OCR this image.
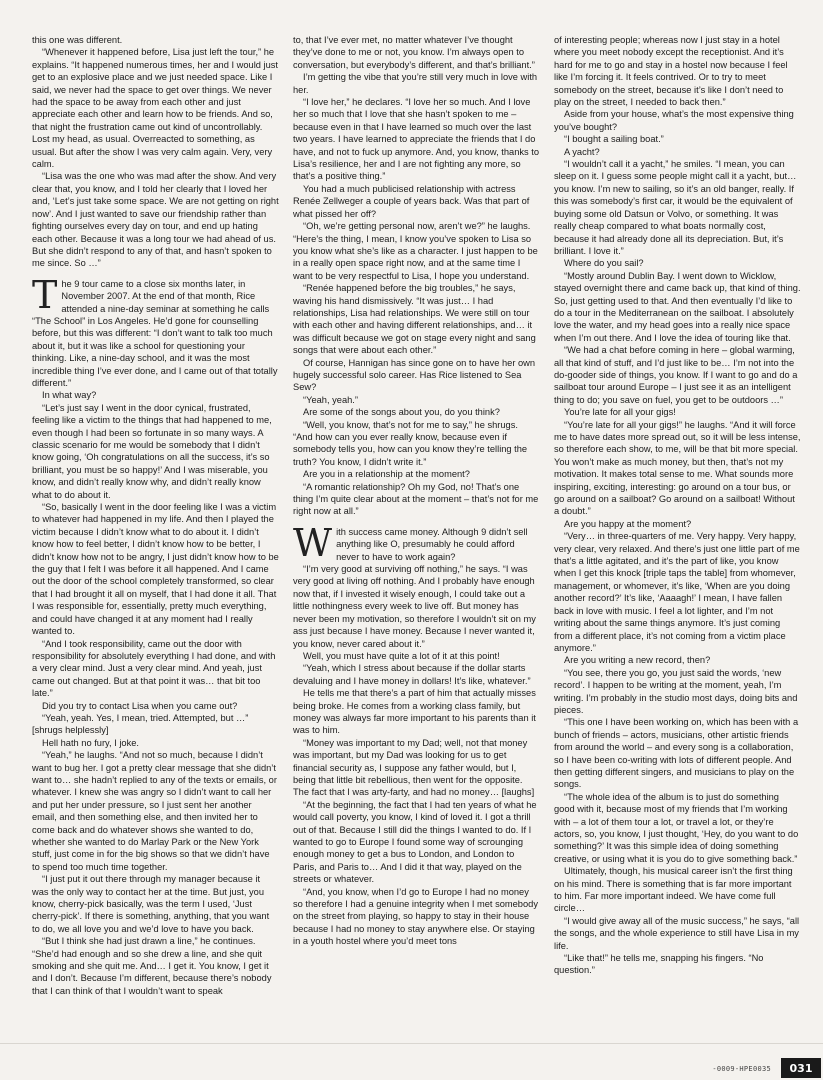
this one was different.

“Whenever it happened before, Lisa just left the tour,” he explains. “It happened numerous times, her and I would just get to an explosive place and we just needed space. Like I said, we never had the space to get over things. We never had the space to be away from each other and just appreciate each other and learn how to be friends. And so, that night the frustration came out kind of uncontrollably. Lost my head, as usual. Overreacted to something, as usual. But after the show I was very calm again. Very, very calm.

“Lisa was the one who was mad after the show. And very clear that, you know, and I told her clearly that I loved her and, ‘Let’s just take some space. We are not getting on right now’. And I just wanted to save our friendship rather than fighting ourselves every day on tour, and end up hating each other. Because it was a long tour we had ahead of us. But she didn’t respond to any of that, and hasn’t spoken to me since. So …”

The 9 tour came to a close six months later, in November 2007. At the end of that month, Rice attended a nine-day seminar at something he calls “The School” in Los Angeles. He’d gone for counselling before, but this was different: “I don’t want to talk too much about it, but it was like a school for questioning your thinking. Like, a nine-day school, and it was the most incredible thing I’ve ever done, and I came out of that totally different.”

In what way?

“Let’s just say I went in the door cynical, frustrated, feeling like a victim to the things that had happened to me, even though I had been so fortunate in so many ways. A classic scenario for me would be somebody that I didn’t know going, ‘Oh congratulations on all the success, it’s so brilliant, you must be so happy!’ And I was miserable, you know, and didn’t really know why, and didn’t really know what to do about it.

“So, basically I went in the door feeling like I was a victim to whatever had happened in my life. And then I played the victim because I didn’t know what to do about it. I didn’t know how to feel better, I didn’t know how to be better, I didn’t know how not to be angry, I just didn’t know how to be the guy that I felt I was before it all happened. And I came out the door of the school completely transformed, so clear that I had brought it all on myself, that I had done it all. That I was responsible for, essentially, pretty much everything, and could have changed it at any moment had I really wanted to.

“And I took responsibility, came out the door with responsibility for absolutely everything I had done, and with a very clear mind. Just a very clear mind. And yeah, just came out changed. But at that point it was… that bit too late.”

Did you try to contact Lisa when you came out?

“Yeah, yeah. Yes, I mean, tried. Attempted, but …”

[shrugs helplessly]

Hell hath no fury, I joke.

“Yeah,” he laughs. “And not so much, because I didn’t want to bug her. I got a pretty clear message that she didn’t want to… she hadn’t replied to any of the texts or emails, or whatever. I knew she was angry so I didn’t want to call her and put her under pressure, so I just sent her another email, and then something else, and then invited her to come back and do whatever shows she wanted to do, whether she wanted to do Marlay Park or the New York stuff, just come in for the big shows so that we didn’t have to spend too much time together.

“I just put it out there through my manager because it was the only way to contact her at the time. But just, you know, cherry-pick basically, was the term I used, ‘Just cherry-pick’. If there is something, anything, that you want to do, we all love you and we’d love to have you back.

“But I think she had just drawn a line,” he continues. “She’d had enough and so she drew a line, and she quit smoking and she quit me. And… I get it. You know, I get it and I don’t. Because I’m different, because there’s nobody that I can think of that I wouldn’t want to speak

to, that I’ve ever met, no matter whatever I’ve thought they’ve done to me or not, you know. I’m always open to conversation, but everybody’s different, and that’s brilliant.”

I’m getting the vibe that you’re still very much in love with her.

“I love her,” he declares. “I love her so much. And I love her so much that I love that she hasn’t spoken to me – because even in that I have learned so much over the last two years. I have learned to appreciate the friends that I do have, and not to fuck up anymore. And, you know, thanks to Lisa’s resilience, her and I are not fighting any more, so that’s a positive thing.”

You had a much publicised relationship with actress Renée Zellweger a couple of years back. Was that part of what pissed her off?

“Oh, we’re getting personal now, aren’t we?” he laughs. “Here’s the thing, I mean, I know you’ve spoken to Lisa so you know what she’s like as a character. I just happen to be in a really open space right now, and at the same time I want to be very respectful to Lisa, I hope you understand.

“Renée happened before the big troubles,” he says, waving his hand dismissively. “It was just… I had relationships, Lisa had relationships. We were still on tour with each other and having different relationships, and… it was difficult because we got on stage every night and sang songs that were about each other.”

Of course, Hannigan has since gone on to have her own hugely successful solo career. Has Rice listened to Sea Sew?

“Yeah, yeah.”

Are some of the songs about you, do you think?

“Well, you know, that’s not for me to say,” he shrugs. “And how can you ever really know, because even if somebody tells you, how can you know they’re telling the truth? You know, I didn’t write it.”

Are you in a relationship at the moment?

“A romantic relationship? Oh my God, no! That’s one thing I’m quite clear about at the moment – that’s not for me right now at all.”

With success came money. Although 9 didn’t sell anything like O, presumably he could afford never to have to work again?

“I’m very good at surviving off nothing,” he says. “I was very good at living off nothing. And I probably have enough now that, if I invested it wisely enough, I could take out a little nothingness every week to live off. But money has never been my motivation, so therefore I wouldn’t sit on my ass just because I have money. Because I never wanted it, you know, never cared about it.”

Well, you must have quite a lot of it at this point!

“Yeah, which I stress about because if the dollar starts devaluing and I have money in dollars! It’s like, whatever.”

He tells me that there’s a part of him that actually misses being broke. He comes from a working class family, but money was always far more important to his parents than it was to him.

“Money was important to my Dad; well, not that money was important, but my Dad was looking for us to get financial security as, I suppose any father would, but I, being that little bit rebellious, then went for the opposite. The fact that I was arty-farty, and had no money… [laughs]

“At the beginning, the fact that I had ten years of what he would call poverty, you know, I kind of loved it. I got a thrill out of that. Because I still did the things I wanted to do. If I wanted to go to Europe I found some way of scrounging enough money to get a bus to London, and London to Paris, and Paris to… And I did it that way, played on the streets or whatever.

“And, you know, when I’d go to Europe I had no money so therefore I had a genuine integrity when I met somebody on the street from playing, so happy to stay in their house because I had no money to stay anywhere else. Or staying in a youth hostel where you’d meet tons

of interesting people; whereas now I just stay in a hotel where you meet nobody except the receptionist. And it’s hard for me to go and stay in a hostel now because I feel like I’m forcing it. It feels contrived. Or to try to meet somebody on the street, because it’s like I don’t need to play on the street, I needed to back then.”

Aside from your house, what’s the most expensive thing you’ve bought?

“I bought a sailing boat.”

A yacht?

“I wouldn’t call it a yacht,” he smiles. “I mean, you can sleep on it. I guess some people might call it a yacht, but… you know. I’m new to sailing, so it’s an old banger, really. If this was somebody’s first car, it would be the equivalent of buying some old Datsun or Volvo, or something. It was really cheap compared to what boats normally cost, because it had already done all its depreciation. But, it’s brilliant. I love it.”

Where do you sail?

“Mostly around Dublin Bay. I went down to Wicklow, stayed overnight there and came back up, that kind of thing. So, just getting used to that. And then eventually I’d like to do a tour in the Mediterranean on the sailboat. I absolutely love the water, and my head goes into a really nice space when I’m out there. And I love the idea of touring like that.

“We had a chat before coming in here – global warming, all that kind of stuff, and I’d just like to be… I’m not into the do-gooder side of things, you know. If I want to go and do a sailboat tour around Europe – I just see it as an intelligent thing to do; you save on fuel, you get to be outdoors …”

You’re late for all your gigs!

“You’re late for all your gigs!” he laughs. “And it will force me to have dates more spread out, so it will be less intense, so therefore each show, to me, will be that bit more special. You won’t make as much money, but then, that’s not my motivation. It makes total sense to me. What sounds more inspiring, exciting, interesting: go around on a tour bus, or go around on a sailboat? Go around on a sailboat! Without a doubt.”

Are you happy at the moment?

“Very… in three-quarters of me. Very happy. Very happy, very clear, very relaxed. And there’s just one little part of me that’s a little agitated, and it’s the part of like, you know when I get this knock [triple taps the table] from whomever, management, or whomever, it’s like, ‘When are you doing another record?’ It’s like, ‘Aaaagh!’ I mean, I have fallen back in love with music. I feel a lot lighter, and I’m not writing about the same things anymore. It’s just coming from a different place, it’s not coming from a victim place anymore.”

Are you writing a new record, then?

“You see, there you go, you just said the words, ‘new record’. I happen to be writing at the moment, yeah, I’m writing. I’m probably in the studio most days, doing bits and pieces.

“This one I have been working on, which has been with a bunch of friends – actors, musicians, other artistic friends from around the world – and every song is a collaboration, so I have been co-writing with lots of different people. And then getting different singers, and musicians to play on the songs.

“The whole idea of the album is to just do something good with it, because most of my friends that I’m working with – a lot of them tour a lot, or travel a lot, or they’re actors, so, you know, I just thought, ‘Hey, do you want to do something?’ It was this simple idea of doing something creative, or using what it is you do to give something back.”

Ultimately, though, his musical career isn’t the first thing on his mind. There is something that is far more important to him. Far more important indeed. We have come full circle…

“I would give away all of the music success,” he says, “all the songs, and the whole experience to still have Lisa in my life.

“Like that!” he tells me, snapping his fingers. “No question.”

-0009-HPE0035	031
